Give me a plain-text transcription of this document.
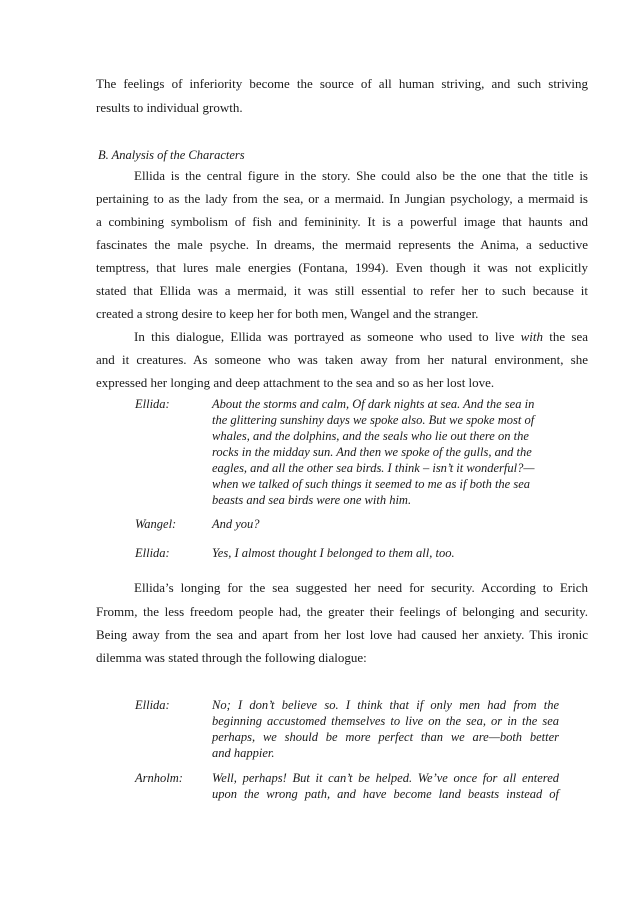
The feelings of inferiority become the source of all human striving, and such striving
results to individual growth.
B. Analysis of the Characters
Ellida is the central figure in the story. She could also be the one that the title is
pertaining to as the lady from the sea, or a mermaid. In Jungian psychology, a mermaid is
a combining symbolism of fish and femininity. It is a powerful image that haunts and
fascinates the male psyche. In dreams, the mermaid represents the Anima, a seductive
temptress, that lures male energies (Fontana, 1994). Even though it was not explicitly
stated that Ellida was a mermaid, it was still essential to refer her to such because it
created a strong desire to keep her for both men, Wangel and the stranger.
In this dialogue, Ellida was portrayed as someone who used to live with the sea
and it creatures. As someone who was taken away from her natural environment, she
expressed her longing and deep attachment to the sea and so as her lost love.
Ellida:	About the storms and calm, Of dark nights at sea. And the sea in
the glittering sunshiny days we spoke also. But we spoke most of
whales, and the dolphins, and the seals who lie out there on the
rocks in the midday sun. And then we spoke of the gulls, and the
eagles, and all the other sea birds. I think – isn’t it wonderful?—
when we talked of such things it seemed to me as if both the sea
beasts and sea birds were one with him.
Wangel:	And you?
Ellida:	Yes, I almost thought I belonged to them all, too.
Ellida’s longing for the sea suggested her need for security. According to Erich
Fromm, the less freedom people had, the greater their feelings of belonging and security.
Being away from the sea and apart from her lost love had caused her anxiety. This ironic
dilemma was stated through the following dialogue:
Ellida:	No; I don’t believe so. I think that if only men had from the
beginning accustomed themselves to live on the sea, or in the sea
perhaps, we should be more perfect than we are—both better
and happier.
Arnholm: Well, perhaps! But it can’t be helped. We’ve once for all entered
upon the wrong path, and have become land beasts instead of
